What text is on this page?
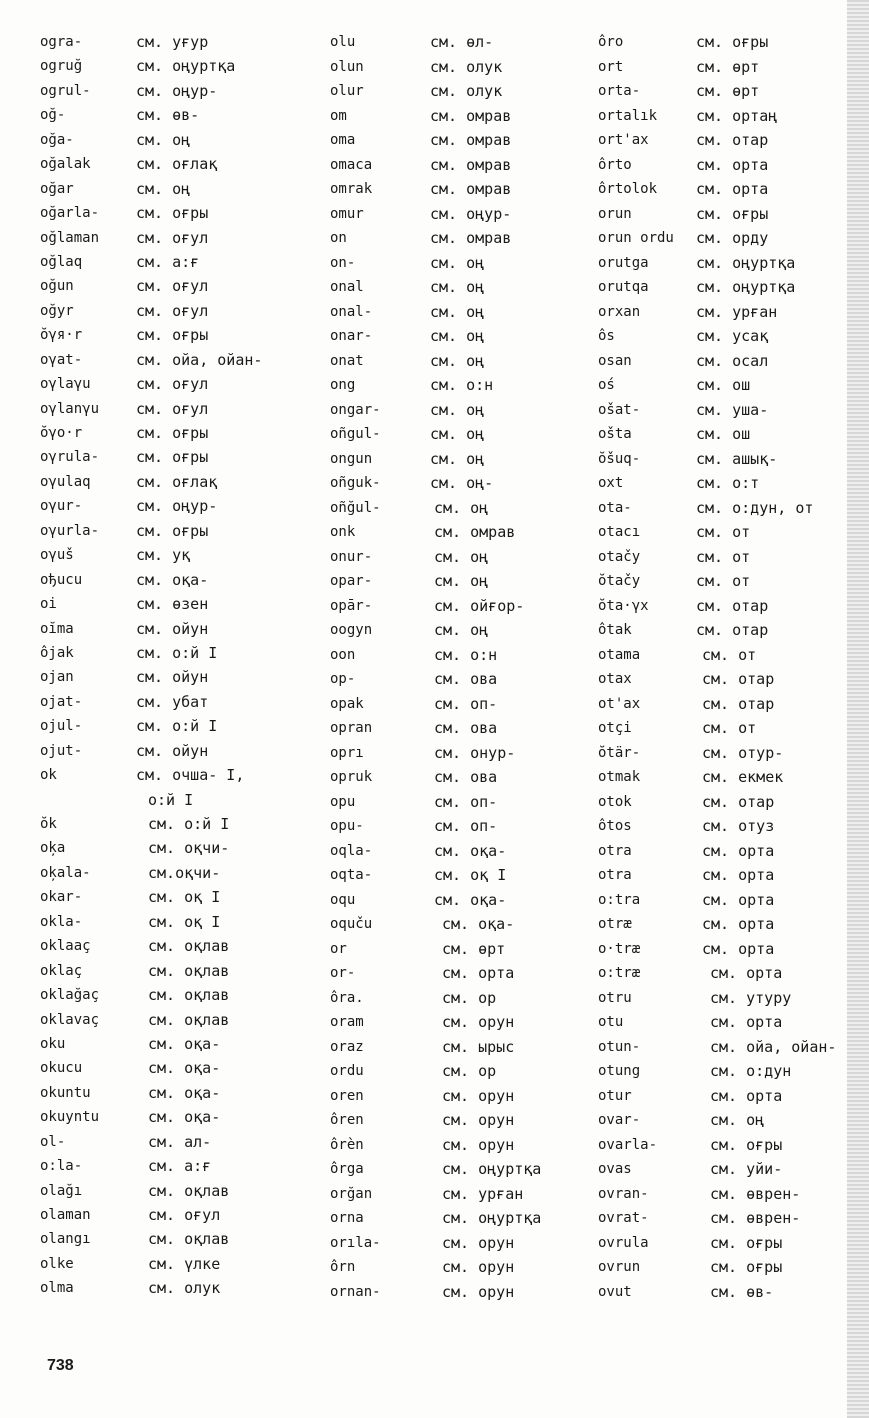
ogra-	см. уғур
ogruğ	см. оңуртқа
ogrul-	см. оңур-
oğ-	см. өв-
oğa-	см. оң
oğalak	см. оғлақ
oğar	см. оң
oğarla-	см. оғры
oğlaman	см. оғул
oğlaq	см. а:ғ
oğun	см. оғул
oğyr	см. оғул
ŏγя·r	см. оғры
oγat-	см. ойа, ойан-
oγlaγu	см. оғул
oγlanγu	см. оғул
ŏγo·r	см. оғры
oγrula-	см. оғры
oγulaq	см. оғлақ
oγur-	см. оңур-
oγurla-	см. оғры
oγuš	см. уқ
oђucu	см. оқа-
oi	см. өзен
oĭma	см. ойун
ôjak	см. о:й I
ojan	см. ойун
ojat-	см. убат
ojul-	см. о:й I
ojut-	см. ойун
ok	см. очша- I,
о:й I
ŏk	см. о:й I
oķa	см. оқчи-
oķala-	см.оқчи-
okar-	см. оқ I
okla-	см. оқ I
oklaaç	см. оқлав
oklaç	см. оқлав
oklağaç	см. оқлав
oklavaç	см. оқлав
oku	см. оқа-
okucu	см. оқа-
okuntu	см. оқа-
okuyntu	см. оқа-
ol-	см. ал-
o:la-	см. а:ғ
olağı	см. оқлав
olaman	см. оғул
olangı	см. оқлав
olke	см. үлке
olma	см. олук
olu	см. өл-
olun	см. олук
olur	см. олук
om	см. омрав
oma	см. омрав
omaca	см. омрав
omrak	см. омрав
omur	см. оңур-
on	см. омрав
on-	см. оң
onal	см. оң
onal-	см. оң
onar-	см. оң
onat	см. оң
ong	см. о:н
ongar-	см. оң
oñgul-	см. оң
ongun	см. оң
oñguk-	см. оң-
oñğul-	см. оң
onk	см. омрав
onur-	см. оң
opar-	см. оң
opār-	см. ойғор-
oogyn	см. оң
oon	см. о:н
op-	см. ова
opak	см. оп-
opran	см. ова
oprı	см. онур-
opruk	см. ова
opu	см. оп-
opu-	см. оп-
oqla-	см. оқа-
oqta-	см. оқ I
oqu	см. оқа-
oquču	см. оқа-
or	см. өрт
or-	см. орта
ôra.	см. ор
oram	см. орун
oraz	см. ырыс
ordu	см. ор
oren	см. орун
ôren	см. орун
ôrèn	см. орун
ôrga	см. оңуртқа
orğan	см. урған
orna	см. оңуртқа
orıla-	см. орун
ôrn	см. орун
ornan-	см. орун
ôro	см. оғры
ort	см. өрт
orta-	см. өрт
ortalık	см. ортаң
ort'ax	см. отар
ôrto	см. орта
ôrtolok	см. орта
orun	см. оғры
orun ordu	см. орду
orutga	см. оңуртқа
orutqa	см. оңуртқа
orxan	см. урған
ôs	см. усақ
osan	см. осал
oś	см. ош
ošat-	см. уша-
ošta	см. ош
ŏšuq-	см. ашық-
oxt	см. о:т
ota-	см. о:дун, от
otacı	см. от
otačy	см. от
ŏtačy	см. от
ŏta·γx	см. отар
ôtak	см. отар
otama	см. от
otax	см. отар
ot'ax	см. отар
otçi	см. от
ŏtär-	см. отур-
otmak	см. екмек
otok	см. отар
ôtos	см. отуз
otra	см. орта
otra	см. орта
o:tra	см. орта
otræ	см. орта
o·træ	см. орта
o:træ	см. орта
otru	см. утуру
otu	см. орта
otun-	см. ойа, ойан-
otung	см. о:дун
otur	см. орта
ovar-	см. оң
ovarla-	см. оғры
ovas	см. уйи-
ovran-	см. өврен-
ovrat-	см. өврен-
ovrula	см. оғры
ovrun	см. оғры
ovut	см. өв-
738
